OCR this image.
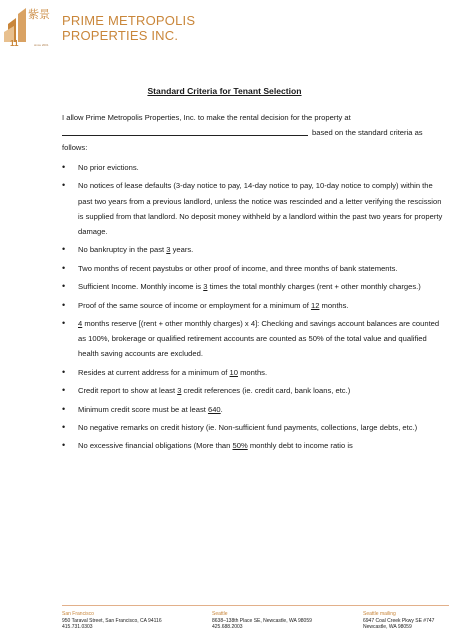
11
紫景
since 2001
PRIME METROPOLIS
PROPERTIES INC.
Standard Criteria for Tenant Selection
I allow Prime Metropolis Properties, Inc. to make the rental decision for the property at
based on the standard criteria as follows:
• No prior evictions.
• No notices of lease defaults (3-day notice to pay, 14-day notice to pay, 10-day notice to comply) within the past two years from a previous landlord, unless the notice was rescinded and a letter verifying the rescission is supplied from that landlord. No deposit money withheld by a landlord within the past two years for property damage.
• No bankruptcy in the past 3 years.
• Two months of recent paystubs or other proof of income, and three months of bank statements.
• Sufficient Income. Monthly income is 3 times the total monthly charges (rent + other monthly charges.)
• Proof of the same source of income or employment for a minimum of 12 months.
• 4 months reserve [(rent + other monthly charges) x 4]: Checking and savings account balances are counted as 100%, brokerage or qualified retirement accounts are counted as 50% of the total value and qualified health saving accounts are excluded.
• Resides at current address for a minimum of 10 months.
• Credit report to show at least 3 credit references (ie. credit card, bank loans, etc.)
• Minimum credit score must be at least 640.
• No negative remarks on credit history (ie. Non-sufficient fund payments, collections, large debts, etc.)
• No excessive financial obligations (More than 50% monthly debt to income ratio is
San Francisco
950 Taraval Street, San Francisco, CA 94116
415.731.0303
Seattle
8638–138th Place SE, Newcastle, WA 98059
425.688.2003
Seattle mailing
6947 Coal Creek Pkwy SE #747
Newcastle, WA 98059
